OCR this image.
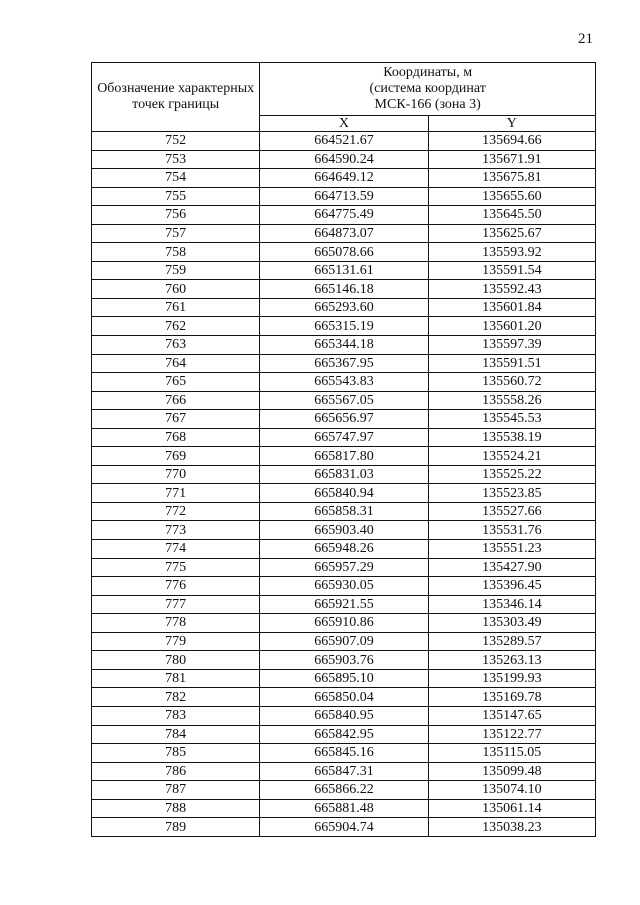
21
Обозначение характерных точек границы	Координаты, м
(система координат
МСК-166 (зона 3)	

	X	Y
752	664521.67	135694.66
753	664590.24	135671.91
754	664649.12	135675.81
755	664713.59	135655.60
756	664775.49	135645.50
757	664873.07	135625.67
758	665078.66	135593.92
759	665131.61	135591.54
760	665146.18	135592.43
761	665293.60	135601.84
762	665315.19	135601.20
763	665344.18	135597.39
764	665367.95	135591.51
765	665543.83	135560.72
766	665567.05	135558.26
767	665656.97	135545.53
768	665747.97	135538.19
769	665817.80	135524.21
770	665831.03	135525.22
771	665840.94	135523.85
772	665858.31	135527.66
773	665903.40	135531.76
774	665948.26	135551.23
775	665957.29	135427.90
776	665930.05	135396.45
777	665921.55	135346.14
778	665910.86	135303.49
779	665907.09	135289.57
780	665903.76	135263.13
781	665895.10	135199.93
782	665850.04	135169.78
783	665840.95	135147.65
784	665842.95	135122.77
785	665845.16	135115.05
786	665847.31	135099.48
787	665866.22	135074.10
788	665881.48	135061.14
789	665904.74	135038.23
